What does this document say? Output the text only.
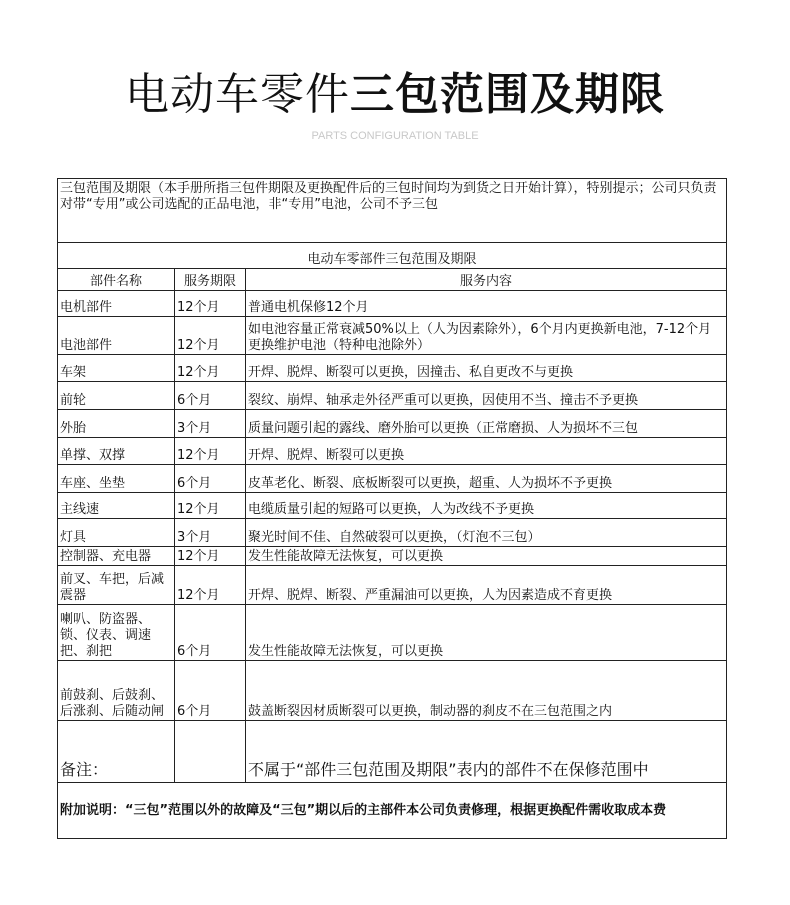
电动车零件三包范围及期限
PARTS CONFIGURATION TABLE
三包范围及期限（本手册所指三包件期限及更换配件后的三包时间均为到货之日开始计算），特别提示；公司只负责对带“专用”或公司选配的正品电池，非“专用”电池，公司不予三包		
电动车零部件三包范围及期限		
部件名称	服务期限	服务内容
电机部件	12个月	普通电机保修12个月
电池部件	12个月	如电池容量正常衰减50%以上（人为因素除外），6个月内更换新电池，7-12个月更换维护电池（特种电池除外）
车架	12个月	开焊、脱焊、断裂可以更换，因撞击、私自更改不与更换
前轮	6个月	裂纹、崩焊、轴承走外径严重可以更换，因使用不当、撞击不予更换
外胎	3个月	质量问题引起的露线、磨外胎可以更换（正常磨损、人为损坏不三包
单撑、双撑	12个月	开焊、脱焊、断裂可以更换
车座、坐垫	6个月	皮革老化、断裂、底板断裂可以更换，超重、人为损坏不予更换
主线速	12个月	电缆质量引起的短路可以更换，人为改线不予更换
灯具	3个月	聚光时间不佳、自然破裂可以更换，（灯泡不三包）
控制器、充电器	12个月	发生性能故障无法恢复，可以更换
前叉、车把，后减震器	12个月	开焊、脱焊、断裂、严重漏油可以更换，人为因素造成不育更换
喇叭、防盗器、锁、仪表、调速把、刹把	6个月	发生性能故障无法恢复，可以更换
前鼓刹、后鼓刹、后涨刹、后随动闸	6个月	鼓盖断裂因材质断裂可以更换，制动器的刹皮不在三包范围之内
备注：		不属于“部件三包范围及期限”表内的部件不在保修范围中
附加说明：“三包”范围以外的故障及“三包”期以后的主部件本公司负责修理，根据更换配件需收取成本费		
